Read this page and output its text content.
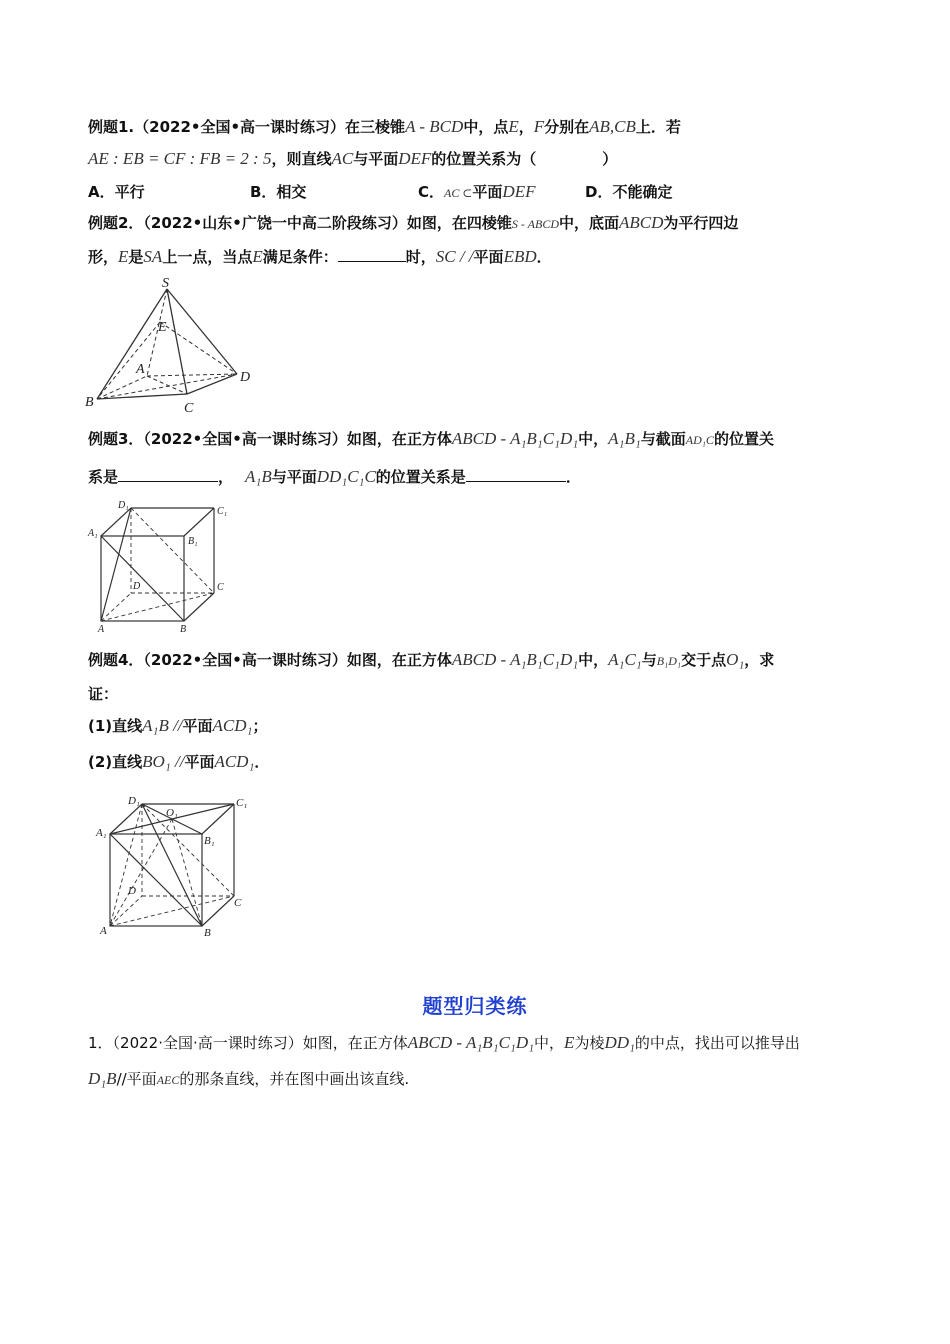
例题1.（2022•全国•高一课时练习）在三棱锥A - BCD中，点E，F分别在AB,CB上．若
AE : EB = CF : FB = 2 : 5，则直线AC与平面DEF的位置关系为（	）
A．平行	B．相交	C．AC ⊂平面DEF	D．不能确定
例题2．（2022•山东•广饶一中高二阶段练习）如图，在四棱锥S - ABCD中，底面ABCD为平行四边
形，E是SA上一点，当点E满足条件：	时，SC / /平面EBD．
S
E
A
B	C
D
例题3．（2022•全国•高一课时练习）如图，在正方体ABCD - A₁B₁C₁D₁中，A₁B₁与截面AD₁C的位置关
系是	， A₁B与平面DD₁C₁C的位置关系是	．
D₁
C₁
A₁
B₁
D	C
A	B
例题4．（2022•全国•高一课时练习）如图，在正方体ABCD - A₁B₁C₁D₁中，A₁C₁与B₁D₁交于点O₁，求
证：
(1)直线A₁B //平面ACD₁；
(2)直线BO₁ //平面ACD₁．
D₁
O₁
C₁
A₁
B₁
D
C
A	B
题型归类练
1．（2022·全国·高一课时练习）如图，在正方体ABCD - A₁B₁C₁D₁中，E为棱DD₁的中点，找出可以推导出
D₁B//平面AEC的那条直线，并在图中画出该直线.
